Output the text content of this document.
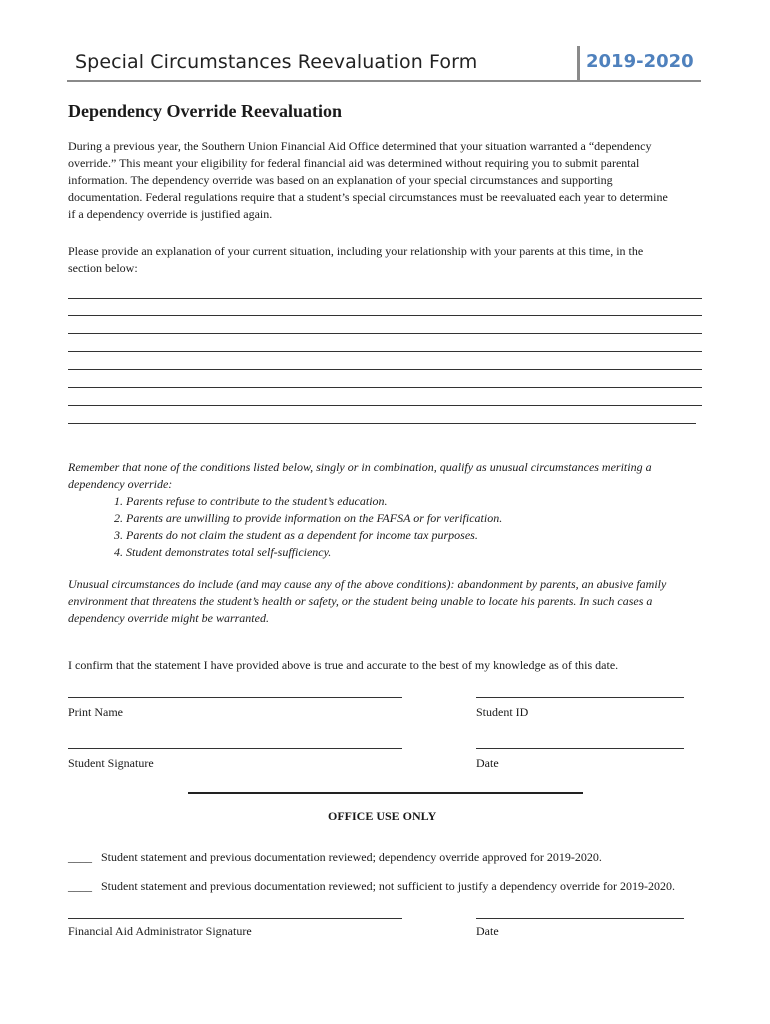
Special Circumstances Reevaluation Form	2019-2020
Dependency Override Reevaluation
During a previous year, the Southern Union Financial Aid Office determined that your situation warranted a “dependency
override.” This meant your eligibility for federal financial aid was determined without requiring you to submit parental
information. The dependency override was based on an explanation of your special circumstances and supporting
documentation. Federal regulations require that a student’s special circumstances must be reevaluated each year to determine
if a dependency override is justified again.
Please provide an explanation of your current situation, including your relationship with your parents at this time, in the
section below:
Remember that none of the conditions listed below, singly or in combination, qualify as unusual circumstances meriting a
dependency override:
1. Parents refuse to contribute to the student’s education.
2. Parents are unwilling to provide information on the FAFSA or for verification.
3. Parents do not claim the student as a dependent for income tax purposes.
4. Student demonstrates total self-sufficiency.
Unusual circumstances do include (and may cause any of the above conditions): abandonment by parents, an abusive family
environment that threatens the student’s health or safety, or the student being unable to locate his parents. In such cases a
dependency override might be warranted.
I confirm that the statement I have provided above is true and accurate to the best of my knowledge as of this date.
Print Name	Student ID
Student Signature	Date
OFFICE USE ONLY
____ Student statement and previous documentation reviewed; dependency override approved for 2019-2020.
____ Student statement and previous documentation reviewed; not sufficient to justify a dependency override for 2019-2020.
Financial Aid Administrator Signature	Date
